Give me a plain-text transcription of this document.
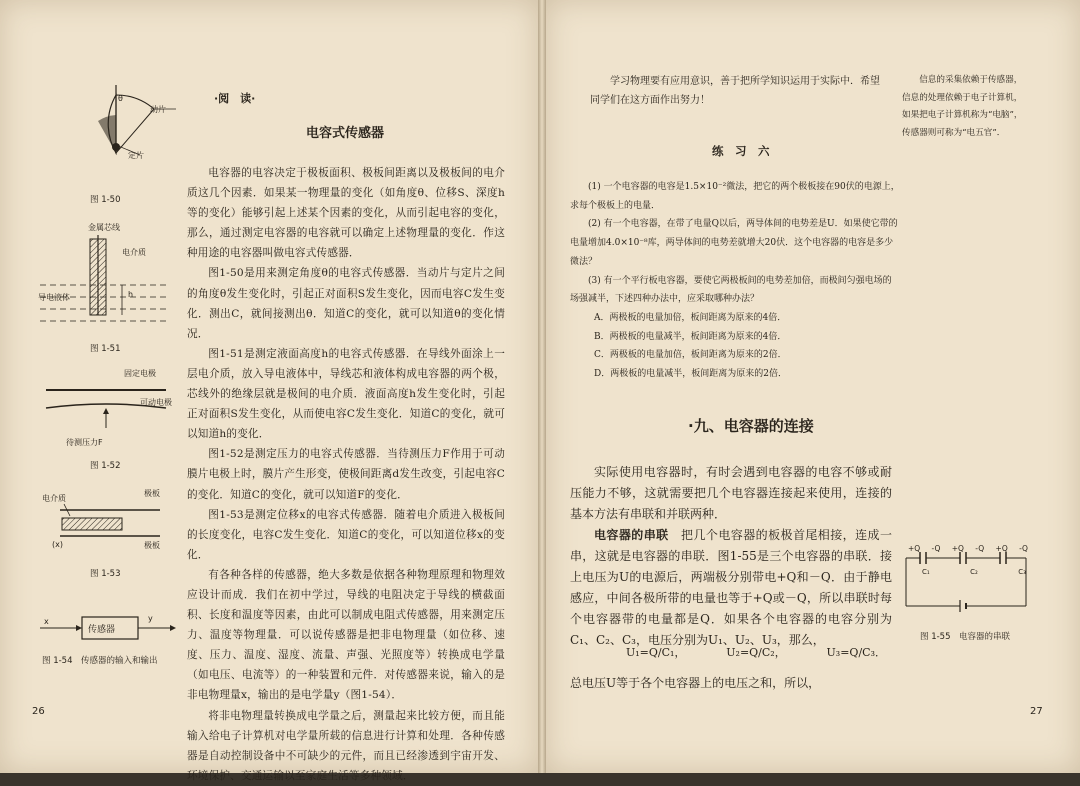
θ
动片
定片
图 1-50
金属芯线
电介质
导电液体	h
图 1-51
固定电极
可动电极
待测压力F
图 1-52
电介质
极板
(x)	极板
图 1-53
x
传感器
y
图 1-54　传感器的输入和输出
·阅　读·
电容式传感器

电容器的电容决定于极板面积、极板间距离以及极板间的电介质这几个因素．如果某一物理量的变化（如角度θ、位移S、深度h等的变化）能够引起上述某个因素的变化，从而引起电容的变化，那么，通过测定电容器的电容就可以确定上述物理量的变化．作这种用途的电容器叫做电容式传感器．

图1-50是用来测定角度θ的电容式传感器．当动片与定片之间的角度θ发生变化时，引起正对面积S发生变化，因而电容C发生变化．测出C，就间接测出θ．知道C的变化，就可以知道θ的变化情况．

图1-51是测定液面高度h的电容式传感器．在导线外面涂上一层电介质，放入导电液体中，导线芯和液体构成电容器的两个极，芯线外的绝缘层就是极间的电介质．液面高度h发生变化时，引起正对面积S发生变化，从而使电容C发生变化．知道C的变化，就可以知道h的变化．

图1-52是测定压力的电容式传感器．当待测压力F作用于可动膜片电极上时，膜片产生形变，使极间距离d发生改变，引起电容C的变化．知道C的变化，就可以知道F的变化．

图1-53是测定位移x的电容式传感器．随着电介质进入极板间的长度变化，电容C发生变化．知道C的变化，可以知道位移x的变化．

有各种各样的传感器，绝大多数是依据各种物理原理和物理效应设计而成．我们在初中学过，导线的电阻决定于导线的横截面积、长度和温度等因素，由此可以制成电阻式传感器，用来测定压力、温度等物理量．可以说传感器是把非电物理量（如位移、速度、压力、温度、湿度、流量、声强、光照度等）转换成电学量（如电压、电流等）的一种装置和元件．对传感器来说，输入的是非电物理量x，输出的是电学量y（图1-54）．

将非电物理量转换成电学量之后，测量起来比较方便，而且能输入给电子计算机对电学量所载的信息进行计算和处理．各种传感器是自动控制设备中不可缺少的元件，而且已经渗透到宇宙开发、环境保护、交通运输以至家庭生活等多种领域．

26
学习物理要有应用意识，善于把所学知识运用于实际中．希望
同学们在这方面作出努力！
信息的采集依赖于传感器，
信息的处理依赖于电子计算机，
如果把电子计算机称为“电脑”，
传感器则可称为“电五官”．
练　习　六

(1) 一个电容器的电容是1.5×10⁻²微法，把它的两个极板接在90伏的电源上，求每个极板上的电量．

(2) 有一个电容器，在带了电量Q以后，两导体间的电势差是U．如果使它带的电量增加4.0×10⁻⁸库，两导体间的电势差就增大20伏．这个电容器的电容是多少微法？

(3) 有一个平行板电容器，要使它两极板间的电势差加倍，而极间匀强电场的场强减半，下述四种办法中，应采取哪种办法？

A．两极板的电量加倍，板间距离为原来的4倍．

B．两极板的电量减半，板间距离为原来的4倍．

C．两极板的电量加倍，板间距离为原来的2倍．

D．两极板的电量减半，板间距离为原来的2倍．

·九、电容器的连接

实际使用电容器时，有时会遇到电容器的电容不够或耐压能力不够，这就需要把几个电容器连接起来使用，连接的基本方法有串联和并联两种．

电容器的串联　 把几个电容器的板极首尾相接，连成一串，这就是电容器的串联．图1-55是三个电容器的串联．接上电压为U的电源后，两端极分别带电+Q和－Q．由于静电感应，中间各极所带的电量也等于+Q或－Q，所以串联时每个电容器带的电量都是Q．如果各个电容器的电容分别为C₁、C₂、C₃，电压分别为U₁、U₂、U₃，那么，

U₁=Q/C₁，	U₂=Q/C₂，	U₃=Q/C₃．
总电压U等于各个电容器上的电压之和，所以，
+Q -Q +Q -Q +Q -Q
C₁	C₂	C₃
图 1-55　电容器的串联
27
